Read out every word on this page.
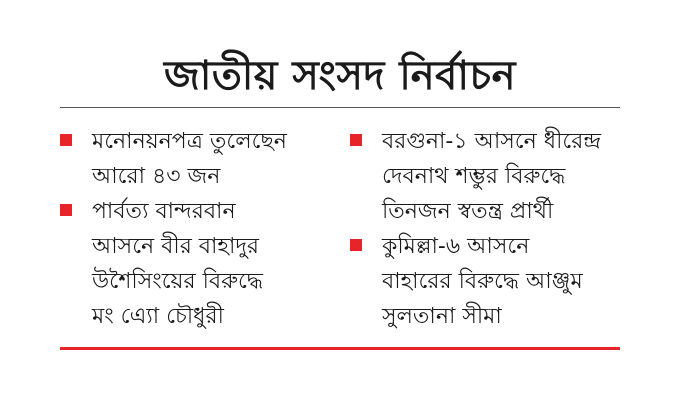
জাতীয় সংসদ নির্বাচন
মনোনয়নপত্র তুলেছেন
আরো ৪৩ জন
পার্বত্য বান্দরবান
আসনে বীর বাহাদুর
উশৈসিংয়ের বিরুদ্ধে
মং এ্যো চৌধুরী
বরগুনা-১ আসনে ধীরেন্দ্র
দেবনাথ শম্ভুর বিরুদ্ধে
তিনজন স্বতন্ত্র প্রার্থী
কুমিল্লা-৬ আসনে
বাহারের বিরুদ্ধে আঞ্জুম
সুলতানা সীমা
